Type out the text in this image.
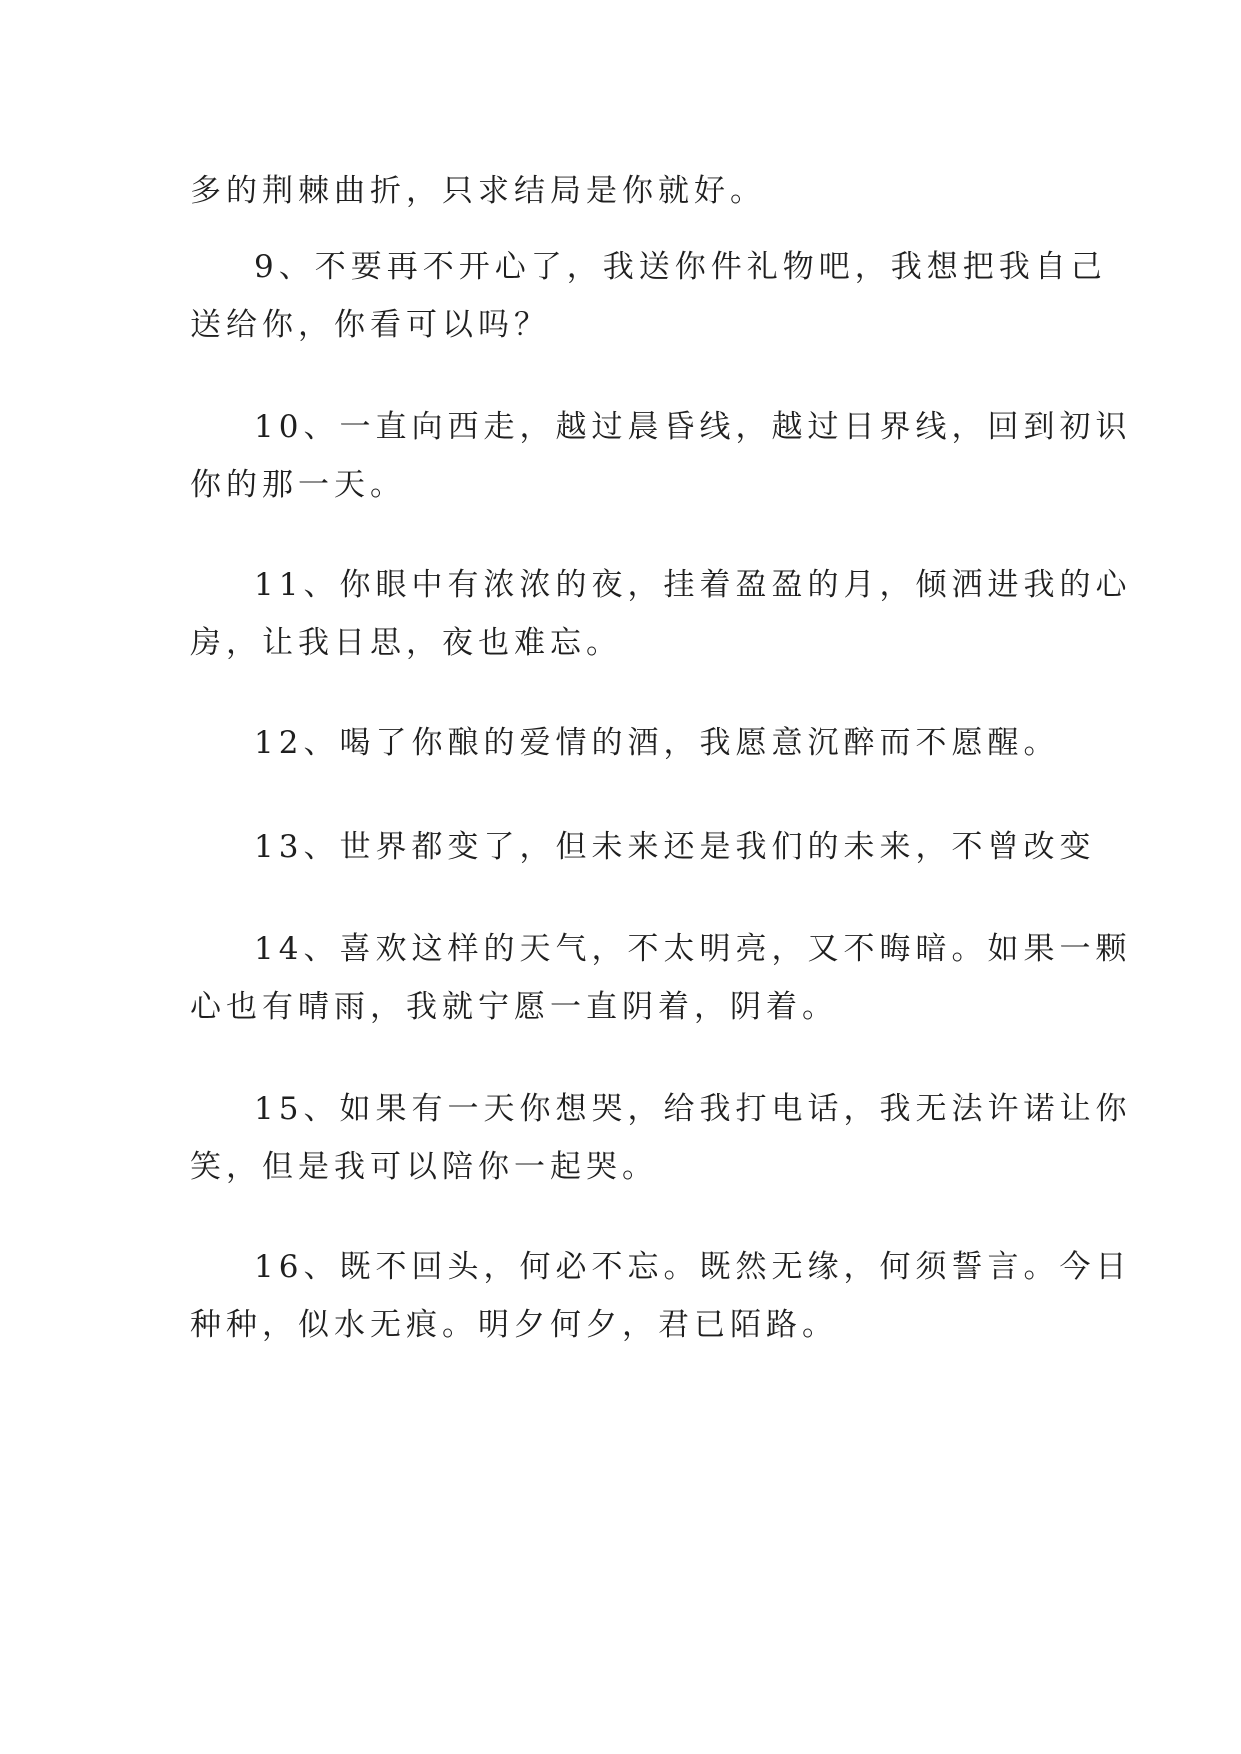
多的荆棘曲折，只求结局是你就好。

9、不要再不开心了，我送你件礼物吧，我想把我自己
送给你，你看可以吗？

10、一直向西走，越过晨昏线，越过日界线，回到初识
你的那一天。

11、你眼中有浓浓的夜，挂着盈盈的月，倾洒进我的心
房，让我日思，夜也难忘。

12、喝了你酿的爱情的酒，我愿意沉醉而不愿醒。

13、世界都变了，但未来还是我们的未来，不曾改变

14、喜欢这样的天气，不太明亮，又不晦暗。如果一颗
心也有晴雨，我就宁愿一直阴着，阴着。

15、如果有一天你想哭，给我打电话，我无法许诺让你
笑，但是我可以陪你一起哭。

16、既不回头，何必不忘。既然无缘，何须誓言。今日
种种，似水无痕。明夕何夕，君已陌路。
